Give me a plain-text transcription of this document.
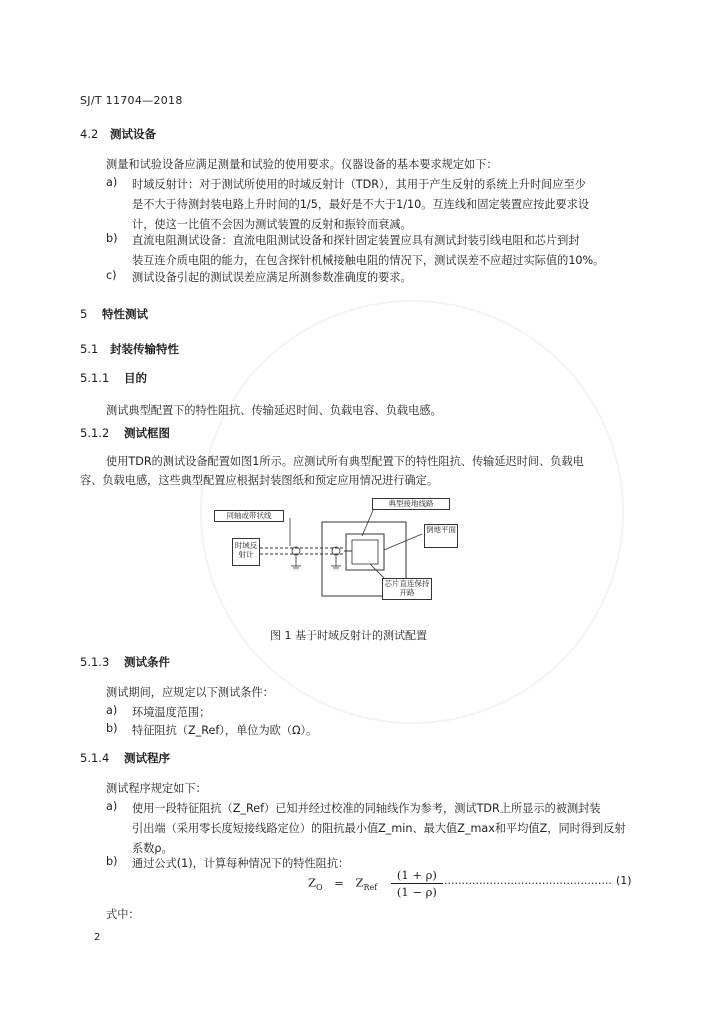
SJ/T 11704—2018
4.2 测试设备
测量和试验设备应满足测量和试验的使用要求。仪器设备的基本要求规定如下：
a) 时域反射计：对于测试所使用的时域反射计（TDR），其用于产生反射的系统上升时间应至少
是不大于待测封装电路上升时间的1/5，最好是不大于1/10。互连线和固定装置应按此要求设
计，使这一比值不会因为测试装置的反射和振铃而衰减。
b) 直流电阻测试设备：直流电阻测试设备和探针固定装置应具有测试封装引线电阻和芯片到封
装互连介质电阻的能力，在包含探针机械接触电阻的情况下，测试误差不应超过实际值的10%。
c) 测试设备引起的测试误差应满足所测参数准确度的要求。
5 特性测试
5.1 封装传输特性
5.1.1 目的
测试典型配置下的特性阻抗、传输延迟时间、负载电容、负载电感。
5.1.2 测试框图
使用TDR的测试设备配置如图1所示。应测试所有典型配置下的特性阻抗、传输延迟时间、负载电
容、负载电感，这些典型配置应根据封装图纸和预定应用情况进行确定。
同轴或带状线
时域反射计
典型接地线路
倒地平面
芯片直连保持开路
图 1 基于时域反射计的测试配置
5.1.3 测试条件
测试期间，应规定以下测试条件：
a) 环境温度范围；
b) 特征阻抗（Z_Ref），单位为欧（Ω）。
5.1.4 测试程序
测试程序规定如下：
a) 使用一段特征阻抗（Z_Ref）已知并经过校准的同轴线作为参考，测试TDR上所显示的被测封装
引出端（采用零长度短接线路定位）的阻抗最小值Z_min、最大值Z_max和平均值Z，同时得到反射
系数ρ。
b) 通过公式(1)，计算每种情况下的特性阻抗：
$Z_O = Z_{Ref} \frac{(1 + \rho)}{(1 - \rho)}$ ................................................ (1)
式中：
2
